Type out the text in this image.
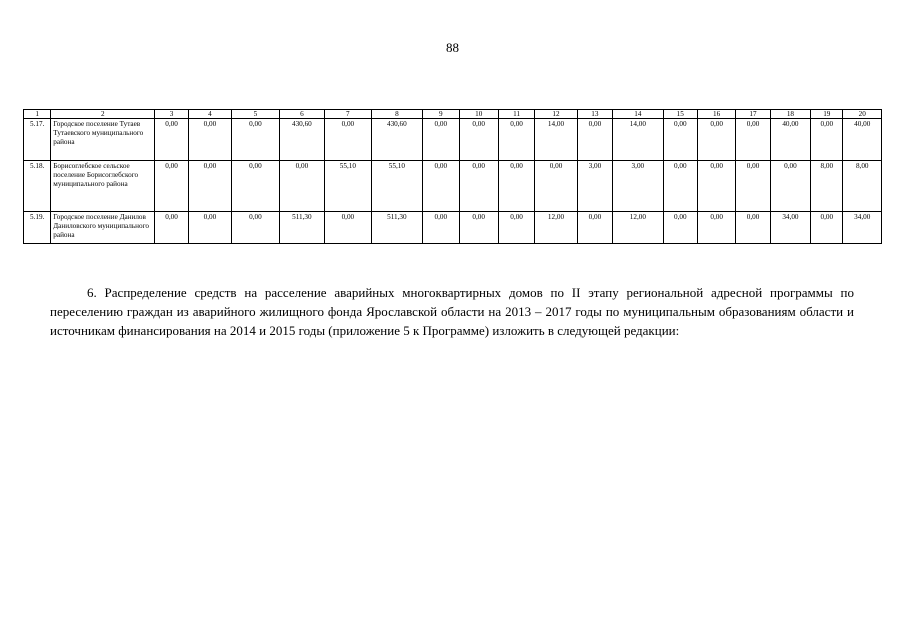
88
1	2	3	4	5	6	7	8	9	10	11	12	13	14	15	16	17	18	19	20
5.17.	Городское поселение Тутаев Тутаевского муниципального района	0,00	0,00	0,00	430,60	0,00	430,60	0,00	0,00	0,00	14,00	0,00	14,00	0,00	0,00	0,00	40,00	0,00	40,00
5.18.	Борисоглебское сельское поселение Борисоглебского муниципального района	0,00	0,00	0,00	0,00	55,10	55,10	0,00	0,00	0,00	0,00	3,00	3,00	0,00	0,00	0,00	0,00	8,00	8,00
5.19.	Городское поселение Данилов Даниловского муниципального района	0,00	0,00	0,00	511,30	0,00	511,30	0,00	0,00	0,00	12,00	0,00	12,00	0,00	0,00	0,00	34,00	0,00	34,00

6. Распределение средств на расселение аварийных многоквартирных домов по II этапу региональной адресной программы по переселению граждан из аварийного жилищного фонда Ярославской области на 2013 – 2017 годы по муниципальным образованиям области и источникам финансирования на 2014 и 2015 годы (приложение 5 к Программе) изложить в следующей редакции:
